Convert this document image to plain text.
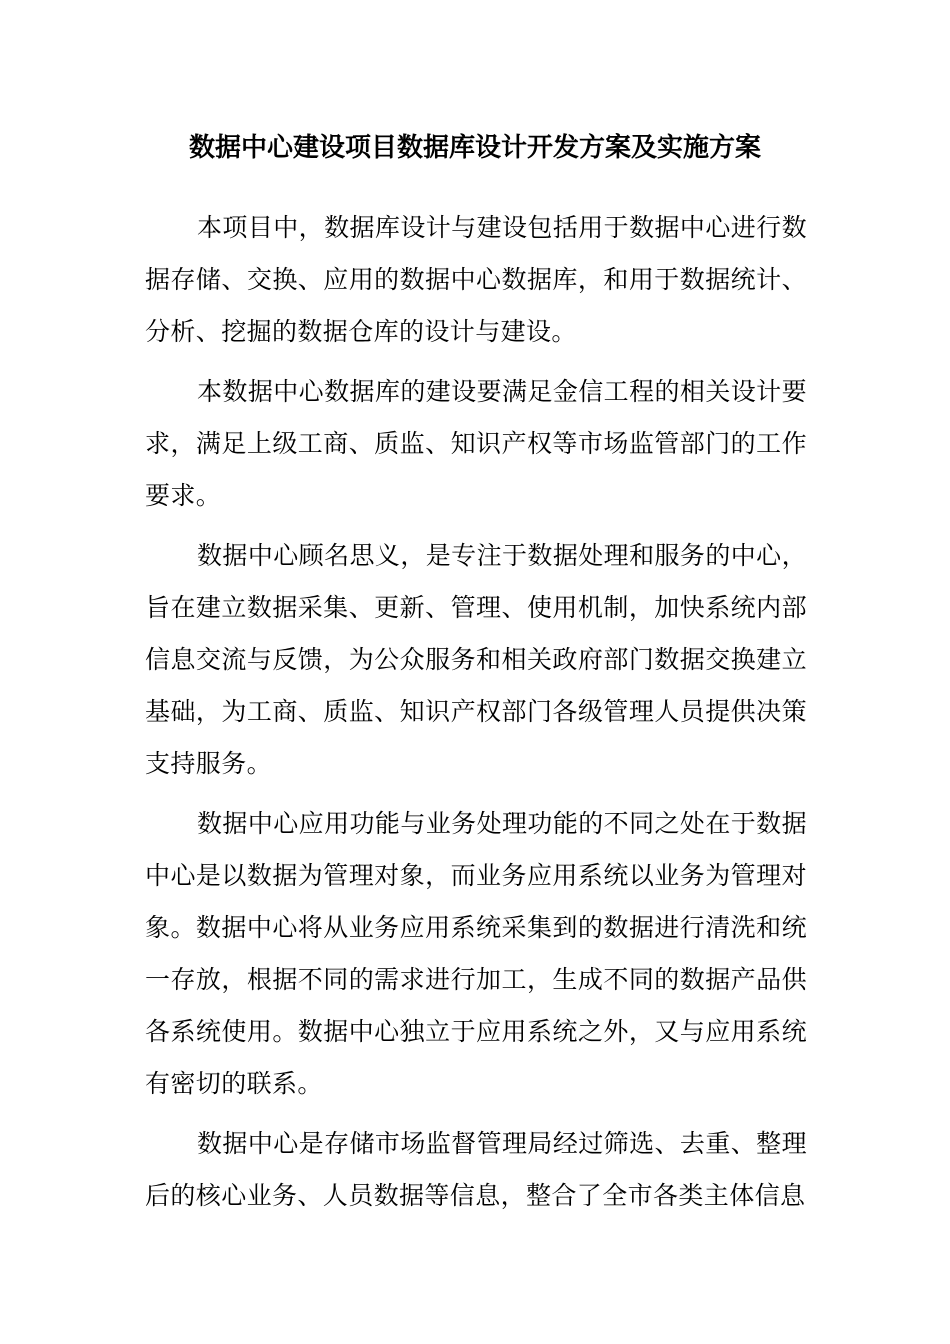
数据中心建设项目数据库设计开发方案及实施方案

本项目中，数据库设计与建设包括用于数据中心进行数据存储、交换、应用的数据中心数据库，和用于数据统计、分析、挖掘的数据仓库的设计与建设。

本数据中心数据库的建设要满足金信工程的相关设计要求，满足上级工商、质监、知识产权等市场监管部门的工作要求。

数据中心顾名思义，是专注于数据处理和服务的中心，旨在建立数据采集、更新、管理、使用机制，加快系统内部信息交流与反馈，为公众服务和相关政府部门数据交换建立基础，为工商、质监、知识产权部门各级管理人员提供决策支持服务。

数据中心应用功能与业务处理功能的不同之处在于数据中心是以数据为管理对象，而业务应用系统以业务为管理对象。数据中心将从业务应用系统采集到的数据进行清洗和统一存放，根据不同的需求进行加工，生成不同的数据产品供各系统使用。数据中心独立于应用系统之外，又与应用系统有密切的联系。

数据中心是存储市场监督管理局经过筛选、去重、整理后的核心业务、人员数据等信息，整合了全市各类主体信息
